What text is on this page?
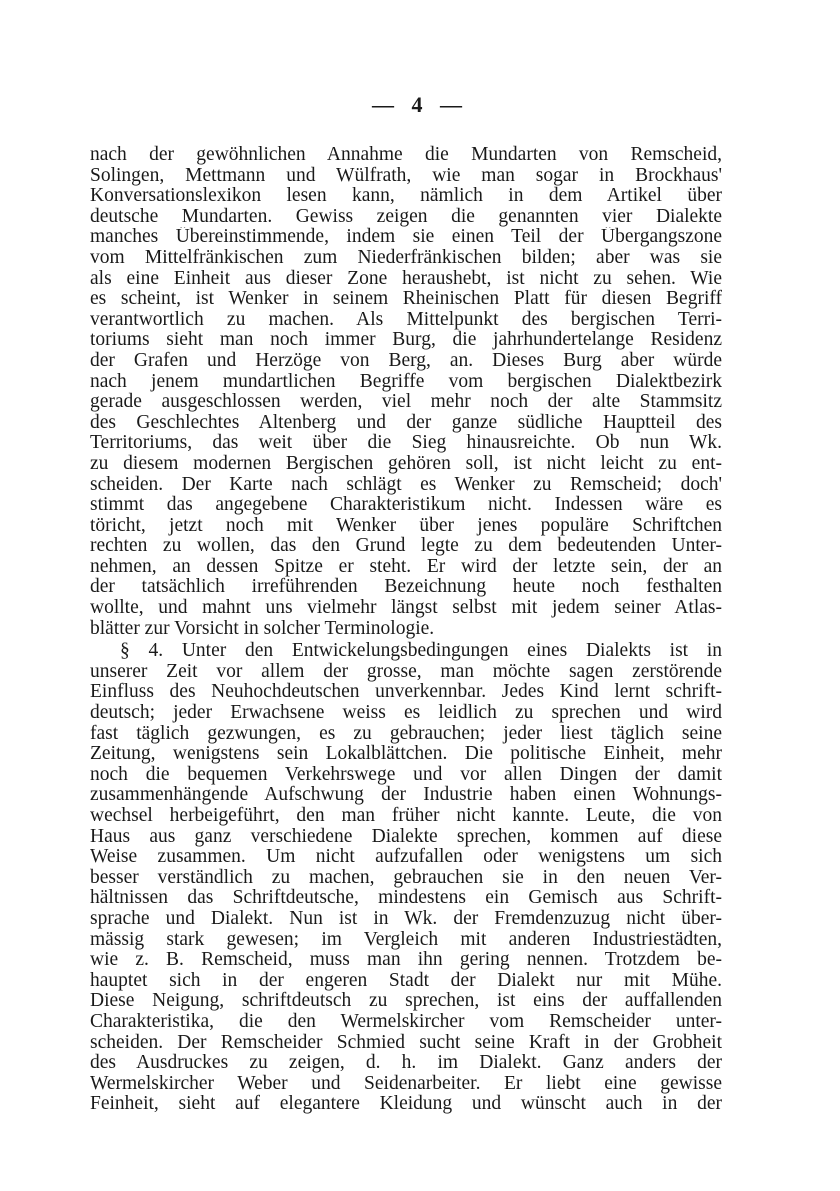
— 4 —
nach der gewöhnlichen Annahme die Mundarten von Remscheid,
Solingen, Mettmann und Wülfrath, wie man sogar in Brockhaus'
Konversationslexikon lesen kann, nämlich in dem Artikel über
deutsche Mundarten. Gewiss zeigen die genannten vier Dialekte
manches Übereinstimmende, indem sie einen Teil der Übergangszone
vom Mittelfränkischen zum Niederfränkischen bilden; aber was sie
als eine Einheit aus dieser Zone heraushebt, ist nicht zu sehen. Wie
es scheint, ist Wenker in seinem Rheinischen Platt für diesen Begriff
verantwortlich zu machen. Als Mittelpunkt des bergischen Terri-
toriums sieht man noch immer Burg, die jahrhundertelange Residenz
der Grafen und Herzöge von Berg, an. Dieses Burg aber würde
nach jenem mundartlichen Begriffe vom bergischen Dialektbezirk
gerade ausgeschlossen werden, viel mehr noch der alte Stammsitz
des Geschlechtes Altenberg und der ganze südliche Hauptteil des
Territoriums, das weit über die Sieg hinausreichte. Ob nun Wk.
zu diesem modernen Bergischen gehören soll, ist nicht leicht zu ent-
scheiden. Der Karte nach schlägt es Wenker zu Remscheid; doch'
stimmt das angegebene Charakteristikum nicht. Indessen wäre es
töricht, jetzt noch mit Wenker über jenes populäre Schriftchen
rechten zu wollen, das den Grund legte zu dem bedeutenden Unter-
nehmen, an dessen Spitze er steht. Er wird der letzte sein, der an
der tatsächlich irreführenden Bezeichnung heute noch festhalten
wollte, und mahnt uns vielmehr längst selbst mit jedem seiner Atlas-
blätter zur Vorsicht in solcher Terminologie.
§ 4. Unter den Entwickelungsbedingungen eines Dialekts ist in
unserer Zeit vor allem der grosse, man möchte sagen zerstörende
Einfluss des Neuhochdeutschen unverkennbar. Jedes Kind lernt schrift-
deutsch; jeder Erwachsene weiss es leidlich zu sprechen und wird
fast täglich gezwungen, es zu gebrauchen; jeder liest täglich seine
Zeitung, wenigstens sein Lokalblättchen. Die politische Einheit, mehr
noch die bequemen Verkehrswege und vor allen Dingen der damit
zusammenhängende Aufschwung der Industrie haben einen Wohnungs-
wechsel herbeigeführt, den man früher nicht kannte. Leute, die von
Haus aus ganz verschiedene Dialekte sprechen, kommen auf diese
Weise zusammen. Um nicht aufzufallen oder wenigstens um sich
besser verständlich zu machen, gebrauchen sie in den neuen Ver-
hältnissen das Schriftdeutsche, mindestens ein Gemisch aus Schrift-
sprache und Dialekt. Nun ist in Wk. der Fremdenzuzug nicht über-
mässig stark gewesen; im Vergleich mit anderen Industriestädten,
wie z. B. Remscheid, muss man ihn gering nennen. Trotzdem be-
hauptet sich in der engeren Stadt der Dialekt nur mit Mühe.
Diese Neigung, schriftdeutsch zu sprechen, ist eins der auffallenden
Charakteristika, die den Wermelskircher vom Remscheider unter-
scheiden. Der Remscheider Schmied sucht seine Kraft in der Grobheit
des Ausdruckes zu zeigen, d. h. im Dialekt. Ganz anders der
Wermelskircher Weber und Seidenarbeiter. Er liebt eine gewisse
Feinheit, sieht auf elegantere Kleidung und wünscht auch in der
